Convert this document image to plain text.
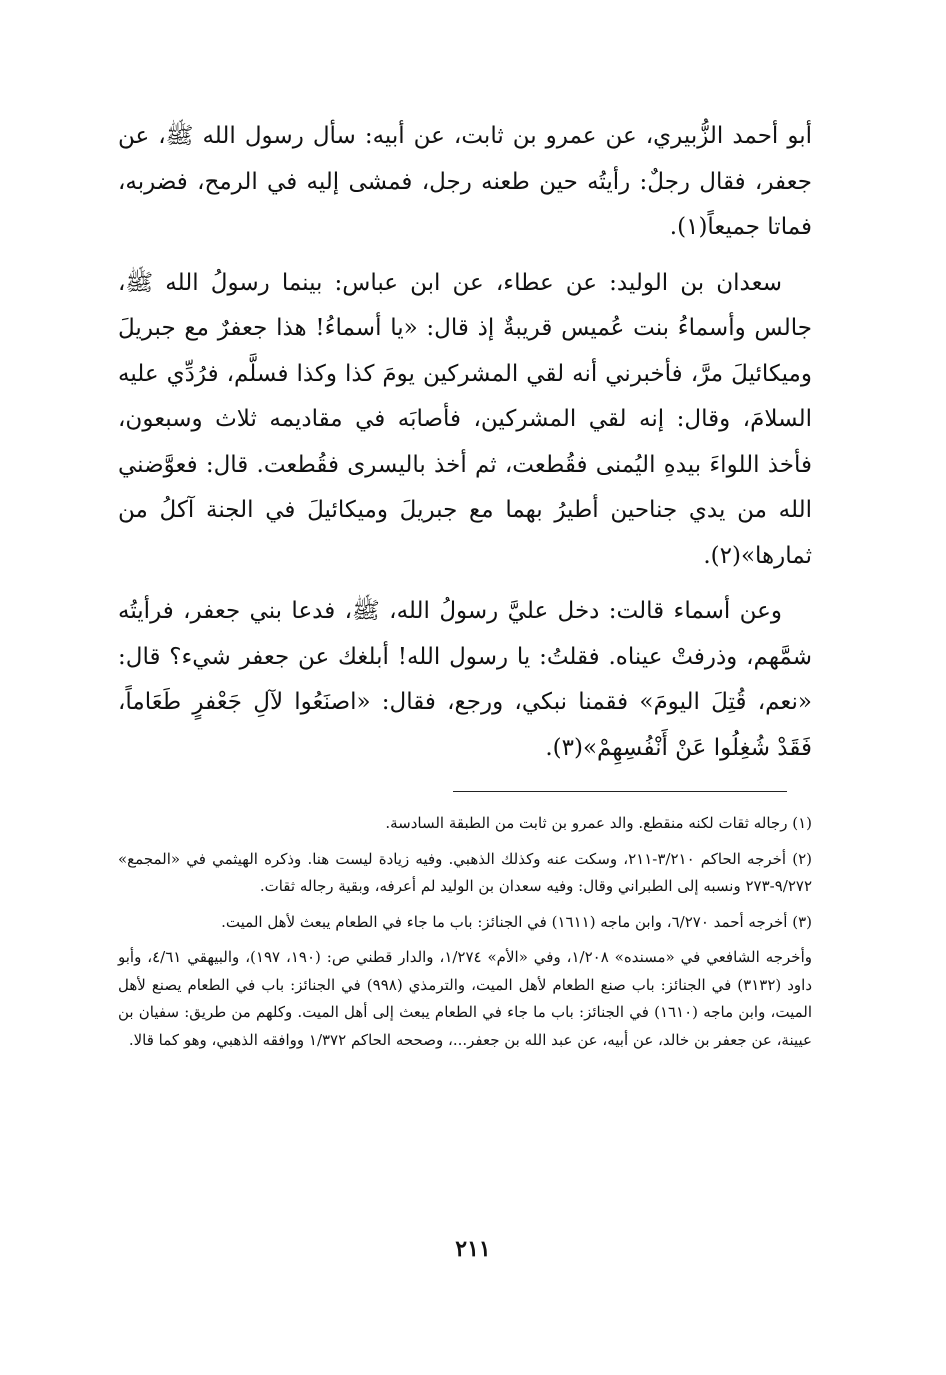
أبو أحمد الزُّبيري، عن عمرو بن ثابت، عن أبيه: سأل رسول الله ﷺ، عن جعفر، فقال رجلٌ: رأيتُه حين طعنه رجل، فمشى إليه في الرمح، فضربه، فماتا جميعاً(١).

سعدان بن الوليد: عن عطاء، عن ابن عباس: بينما رسولُ الله ﷺ، جالس وأسماءُ بنت عُميس قريبةٌ إذ قال: «يا أسماءُ! هذا جعفرٌ مع جبريلَ وميكائيلَ مرَّ، فأخبرني أنه لقي المشركين يومَ كذا وكذا فسلَّم، فرُدِّي عليه السلامَ، وقال: إنه لقي المشركين، فأصابَه في مقاديمه ثلاث وسبعون، فأخذ اللواءَ بيدهِ اليُمنى فقُطعت، ثم أخذ باليسرى فقُطعت. قال: فعوَّضني الله من يدي جناحين أطيرُ بهما مع جبريلَ وميكائيلَ في الجنة آكلُ من ثمارها»(٢).

وعن أسماء قالت: دخل عليَّ رسولُ الله، ﷺ، فدعا بني جعفر، فرأيتُه شمَّهم، وذرفتْ عيناه. فقلتُ: يا رسول الله! أبلغك عن جعفر شيء؟ قال: «نعم، قُتِلَ اليومَ» فقمنا نبكي، ورجع، فقال: «اصنَعُوا لآلِ جَعْفرٍ طَعَاماً، فَقَدْ شُغِلُوا عَنْ أَنْفُسِهِمْ»(٣).

(١) رجاله ثقات لكنه منقطع. والد عمرو بن ثابت من الطبقة السادسة.

(٢) أخرجه الحاكم ٣/٢١٠-٢١١، وسكت عنه وكذلك الذهبي. وفيه زيادة ليست هنا. وذكره الهيثمي في «المجمع» ٩/٢٧٢-٢٧٣ ونسبه إلى الطبراني وقال: وفيه سعدان بن الوليد لم أعرفه، وبقية رجاله ثقات.

(٣) أخرجه أحمد ٦/٢٧٠، وابن ماجه (١٦١١) في الجنائز: باب ما جاء في الطعام يبعث لأهل الميت.

وأخرجه الشافعي في «مسنده» ١/٢٠٨، وفي «الأم» ١/٢٧٤، والدار قطني ص: (١٩٠، ١٩٧)، والبيهقي ٤/٦١، وأبو داود (٣١٣٢) في الجنائز: باب صنع الطعام لأهل الميت، والترمذي (٩٩٨) في الجنائز: باب في الطعام يصنع لأهل الميت، وابن ماجه (١٦١٠) في الجنائز: باب ما جاء في الطعام يبعث إلى أهل الميت. وكلهم من طريق: سفيان بن عيينة، عن جعفر بن خالد، عن أبيه، عن عبد الله بن جعفر...، وصححه الحاكم ١/٣٧٢ ووافقه الذهبي، وهو كما قالا.

٢١١
